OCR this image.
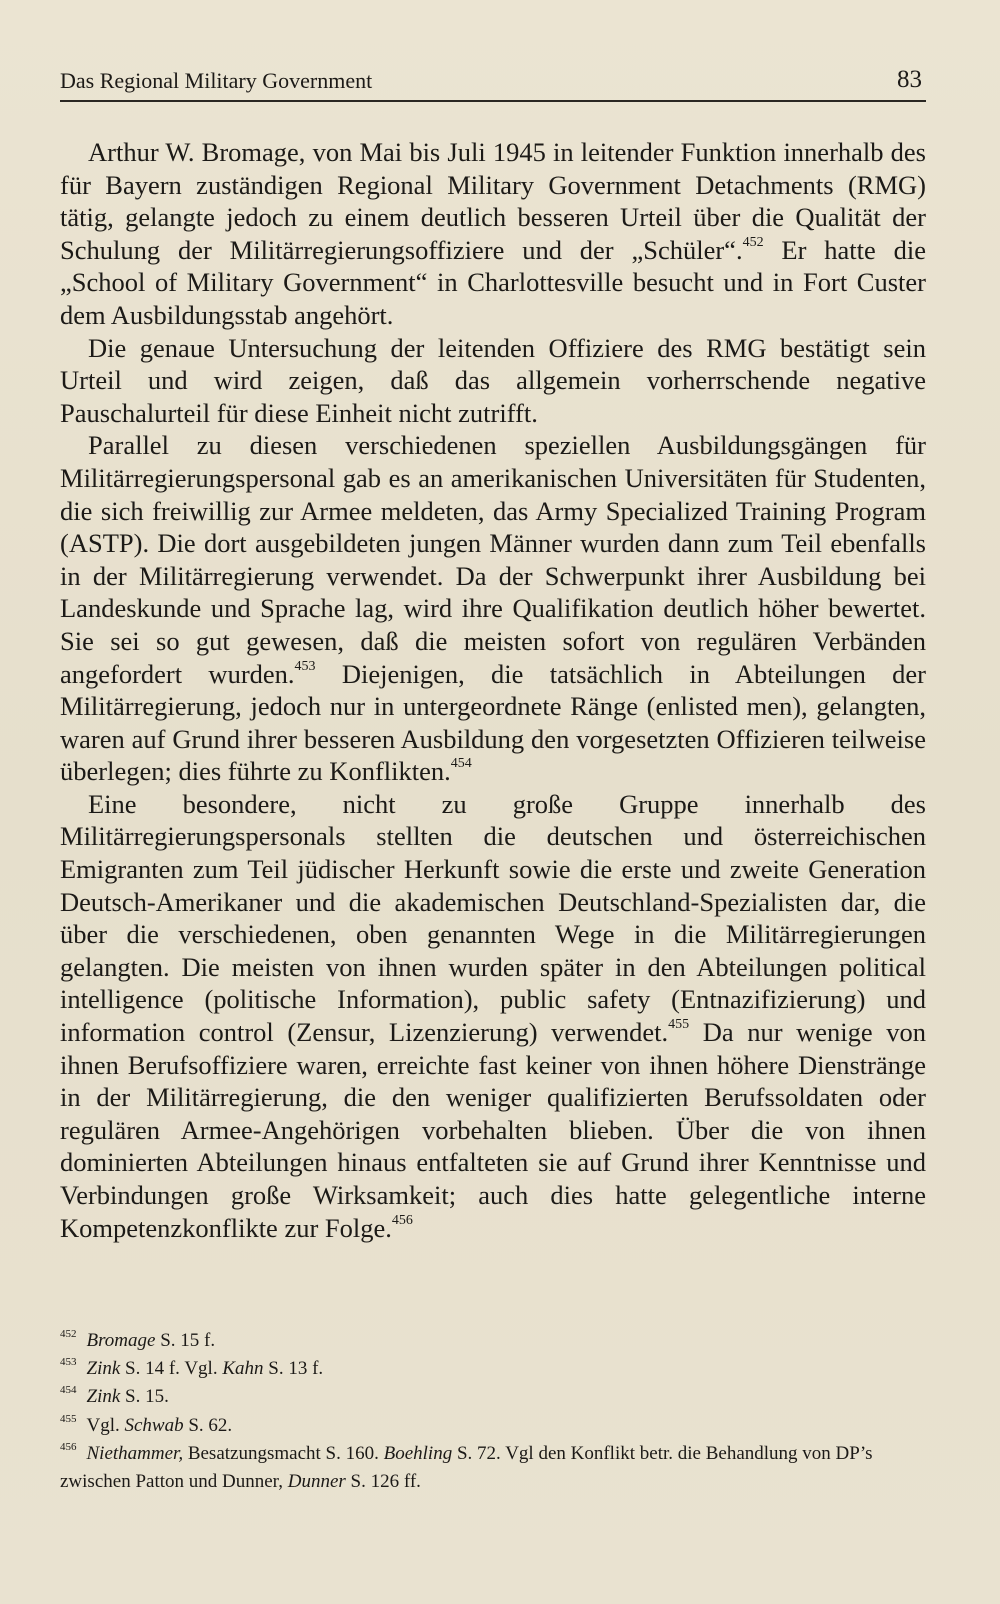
Das Regional Military Government	83

Arthur W. Bromage, von Mai bis Juli 1945 in leitender Funktion innerhalb des für Bayern zuständigen Regional Military Government Detachments (RMG) tätig, gelangte jedoch zu einem deutlich besseren Urteil über die Qualität der Schulung der Militärregierungsoffiziere und der „Schüler“.$^{452}$ Er hatte die „School of Military Government“ in Charlottesville besucht und in Fort Custer dem Ausbildungsstab angehört.

Die genaue Untersuchung der leitenden Offiziere des RMG bestätigt sein Urteil und wird zeigen, daß das allgemein vorherrschende negative Pauschalurteil für diese Einheit nicht zutrifft.

Parallel zu diesen verschiedenen speziellen Ausbildungsgängen für Militärregierungspersonal gab es an amerikanischen Universitäten für Studenten, die sich freiwillig zur Armee meldeten, das Army Specialized Training Program (ASTP). Die dort ausgebildeten jungen Männer wurden dann zum Teil ebenfalls in der Militärregierung verwendet. Da der Schwerpunkt ihrer Ausbildung bei Landeskunde und Sprache lag, wird ihre Qualifikation deutlich höher bewertet. Sie sei so gut gewesen, daß die meisten sofort von regulären Verbänden angefordert wurden.$^{453}$ Diejenigen, die tatsächlich in Abteilungen der Militärregierung, jedoch nur in untergeordnete Ränge (enlisted men), gelangten, waren auf Grund ihrer besseren Ausbildung den vorgesetzten Offizieren teilweise überlegen; dies führte zu Konflikten.$^{454}$

Eine besondere, nicht zu große Gruppe innerhalb des Militärregierungspersonals stellten die deutschen und österreichischen Emigranten zum Teil jüdischer Herkunft sowie die erste und zweite Generation Deutsch-Amerikaner und die akademischen Deutschland-Spezialisten dar, die über die verschiedenen, oben genannten Wege in die Militärregierungen gelangten. Die meisten von ihnen wurden später in den Abteilungen political intelligence (politische Information), public safety (Entnazifizierung) und information control (Zensur, Lizenzierung) verwendet.$^{455}$ Da nur wenige von ihnen Berufsoffiziere waren, erreichte fast keiner von ihnen höhere Dienstränge in der Militärregierung, die den weniger qualifizierten Berufssoldaten oder regulären Armee-Angehörigen vorbehalten blieben. Über die von ihnen dominierten Abteilungen hinaus entfalteten sie auf Grund ihrer Kenntnisse und Verbindungen große Wirksamkeit; auch dies hatte gelegentliche interne Kompetenzkonflikte zur Folge.$^{456}$

$^{452}$ Bromage S. 15 f.

$^{453}$ Zink S. 14 f. Vgl. Kahn S. 13 f.

$^{454}$ Zink S. 15.

$^{455}$ Vgl. Schwab S. 62.

$^{456}$ Niethammer, Besatzungsmacht S. 160. Boehling S. 72. Vgl den Konflikt betr. die Behandlung von DP’s zwischen Patton und Dunner, Dunner S. 126 ff.
